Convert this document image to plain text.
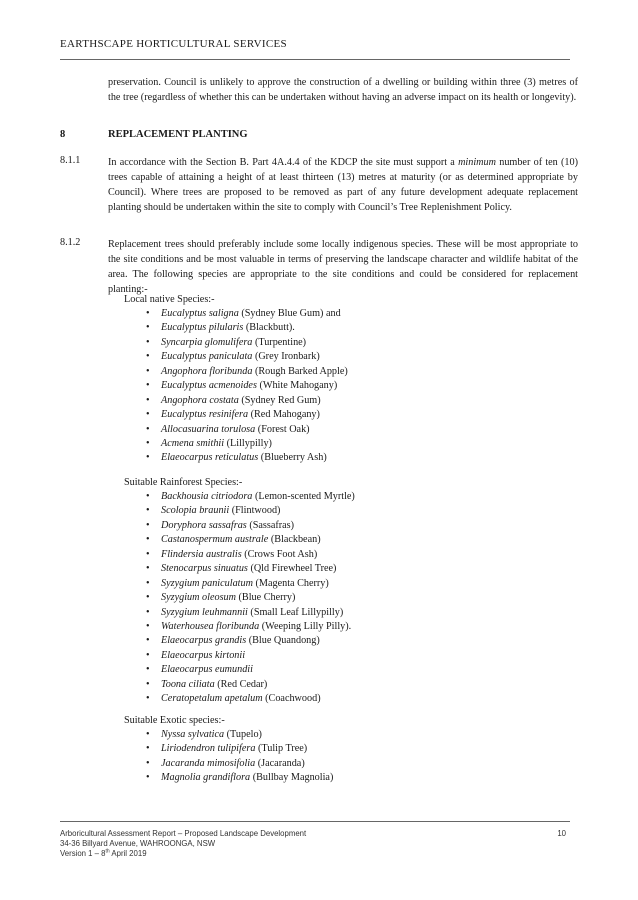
EARTHSCAPE HORTICULTURAL SERVICES
preservation. Council is unlikely to approve the construction of a dwelling or building within three (3) metres of the tree (regardless of whether this can be undertaken without having an adverse impact on its health or longevity).
8	REPLACEMENT PLANTING
8.1.1	In accordance with the Section B. Part 4A.4.4 of the KDCP the site must support a minimum number of ten (10) trees capable of attaining a height of at least thirteen (13) metres at maturity (or as determined appropriate by Council). Where trees are proposed to be removed as part of any future development adequate replacement planting should be undertaken within the site to comply with Council’s Tree Replenishment Policy.
8.1.2	Replacement trees should preferably include some locally indigenous species. These will be most appropriate to the site conditions and be most valuable in terms of preserving the landscape character and wildlife habitat of the area. The following species are appropriate to the site conditions and could be considered for replacement planting:-
Local native Species:-
• Eucalyptus saligna (Sydney Blue Gum) and
• Eucalyptus pilularis (Blackbutt).
• Syncarpia glomulifera (Turpentine)
• Eucalyptus paniculata (Grey Ironbark)
• Angophora floribunda (Rough Barked Apple)
• Eucalyptus acmenoides (White Mahogany)
• Angophora costata (Sydney Red Gum)
• Eucalyptus resinifera (Red Mahogany)
• Allocasuarina torulosa (Forest Oak)
• Acmena smithii (Lillypilly)
• Elaeocarpus reticulatus (Blueberry Ash)
Suitable Rainforest Species:-
• Backhousia citriodora (Lemon-scented Myrtle)
• Scolopia braunii (Flintwood)
• Doryphora sassafras (Sassafras)
• Castanospermum australe (Blackbean)
• Flindersia australis (Crows Foot Ash)
• Stenocarpus sinuatus (Qld Firewheel Tree)
• Syzygium paniculatum (Magenta Cherry)
• Syzygium oleosum (Blue Cherry)
• Syzygium leuhmannii (Small Leaf Lillypilly)
• Waterhousea floribunda (Weeping Lilly Pilly).
• Elaeocarpus grandis (Blue Quandong)
• Elaeocarpus kirtonii
• Elaeocarpus eumundii
• Toona ciliata (Red Cedar)
• Ceratopetalum apetalum (Coachwood)
Suitable Exotic species:-
• Nyssa sylvatica (Tupelo)
• Liriodendron tulipifera (Tulip Tree)
• Jacaranda mimosifolia (Jacaranda)
• Magnolia grandiflora (Bullbay Magnolia)
Arboricultural Assessment Report – Proposed Landscape Development
34-36 Billyard Avenue, WAHROONGA, NSW
Version 1 – 8th April 2019
10
